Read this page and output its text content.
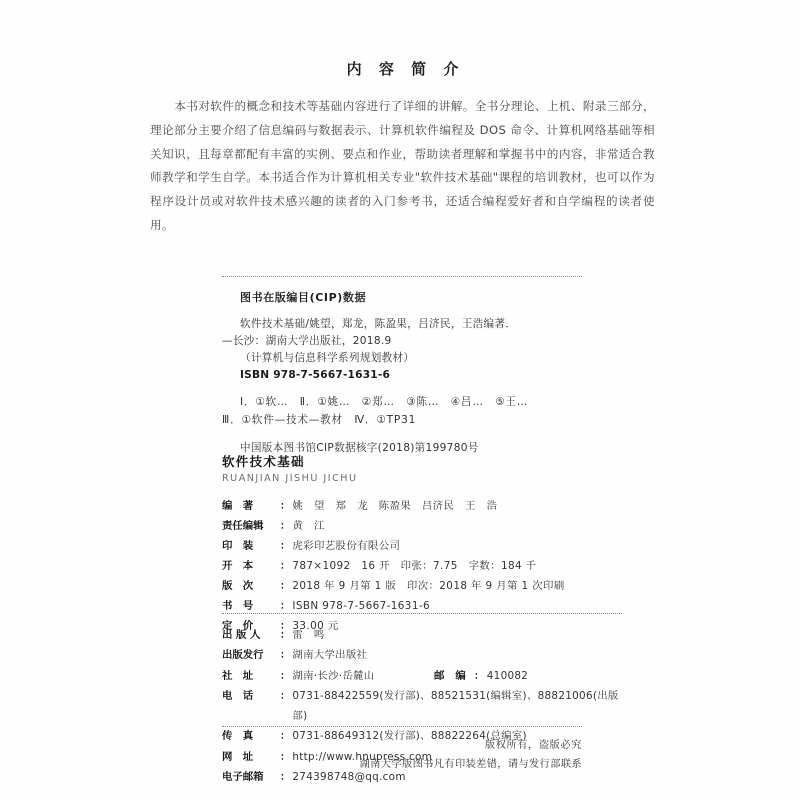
内 容 简 介
本书对软件的概念和技术等基础内容进行了详细的讲解。全书分理论、上机、附录三部分，理论部分主要介绍了信息编码与数据表示、计算机软件编程及 DOS 命令、计算机网络基础等相关知识，且每章都配有丰富的实例、要点和作业，帮助读者理解和掌握书中的内容，非常适合教师教学和学生自学。本书适合作为计算机相关专业"软件技术基础"课程的培训教材，也可以作为程序设计员或对软件技术感兴趣的读者的入门参考书，还适合编程爱好者和自学编程的读者使用。
图书在版编目(CIP)数据
软件技术基础/姚望，郑龙，陈盈果，吕济民，王浩编著．
—长沙：湖南大学出版社，2018.9
（计算机与信息科学系列规划教材）
ISBN 978-7-5667-1631-6
Ⅰ．①软…　Ⅱ．①姚…　②郑…　③陈…　④吕…　⑤王…
Ⅲ．①软件—技术—教材　Ⅳ．①TP31
中国版本图书馆CIP数据核字(2018)第199780号
软件技术基础
RUANJIAN JISHU JICHU
编　著	： 姚　望　郑　龙　陈盈果　吕济民　王　浩
责任编辑	： 黄　江
印　装	： 虎彩印艺股份有限公司
开　本	： 787×1092　16 开　印张：7.75　字数：184 千
版　次	： 2018 年 9 月第 1 版　印次：2018 年 9 月第 1 次印刷
书　号	： ISBN 978-7-5667-1631-6
定　价	： 33.00 元
出 版 人	： 雷　鸣
出版发行	： 湖南大学出版社
社　址	： 湖南·长沙·岳麓山	邮　编 ： 410082
电　话	： 0731-88422559(发行部)、88521531(编辑室)、88821006(出版部)
传　真	： 0731-88649312(发行部)、88822264(总编室)
网　址	： http://www.hnupress.com
电子邮箱	： 274398748@qq.com
版权所有，盗版必究
湖南大学版图书凡有印装差错，请与发行部联系
